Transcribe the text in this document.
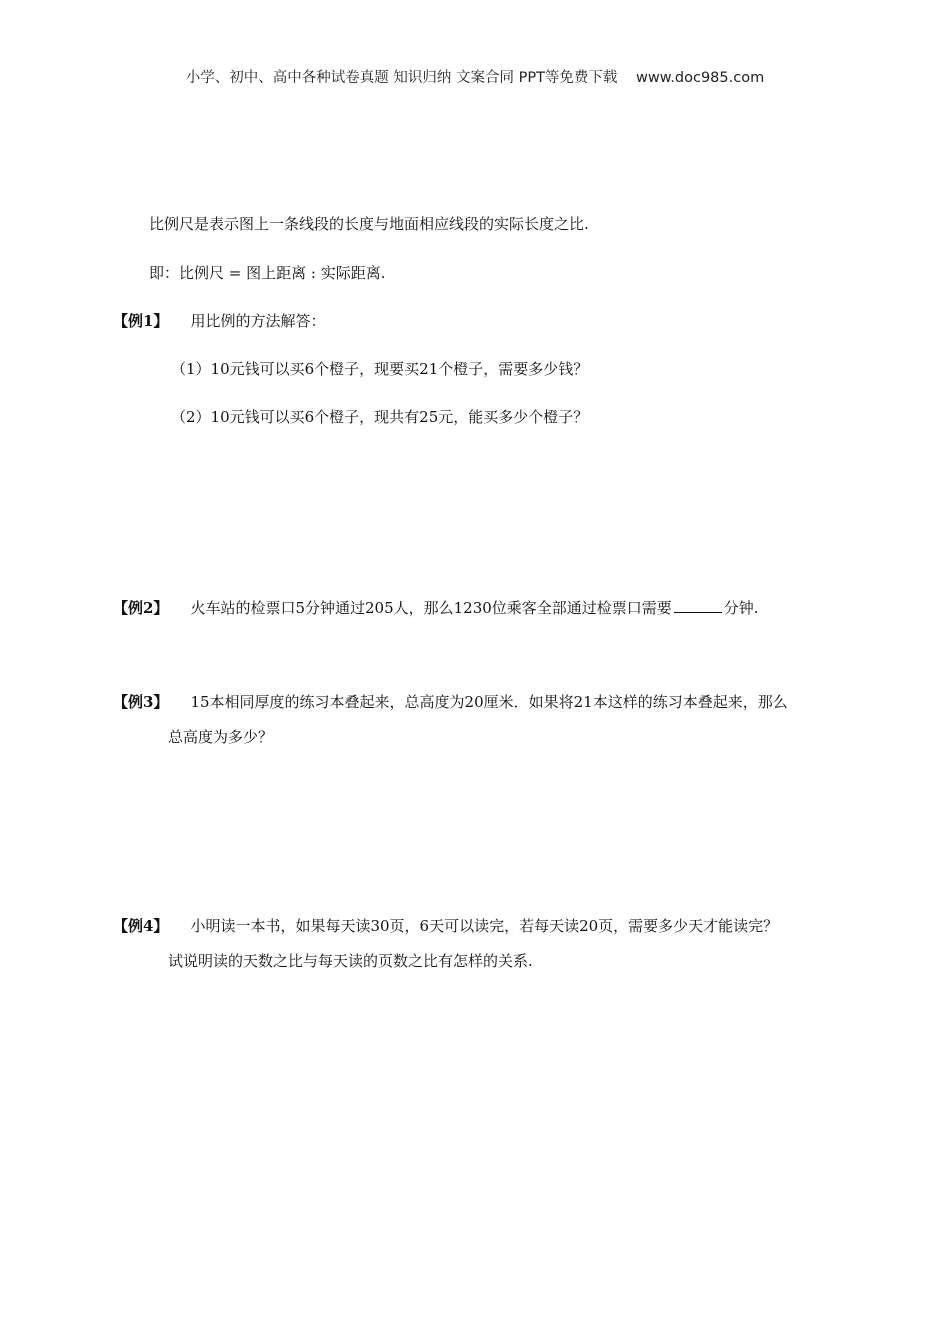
小学、初中、高中各种试卷真题 知识归纳 文案合同 PPT等免费下载 www.doc985.com
比例尺是表示图上一条线段的长度与地面相应线段的实际长度之比.
即：比例尺 = 图上距离 : 实际距离.
【例1】 用比例的方法解答：
（1）10元钱可以买6个橙子，现要买21个橙子，需要多少钱？
（2）10元钱可以买6个橙子，现共有25元，能买多少个橙子？
【例2】 火车站的检票口5分钟通过205人，那么1230位乘客全部通过检票口需要	分钟.
【例3】 15本相同厚度的练习本叠起来，总高度为20厘米．如果将21本这样的练习本叠起来，那么
总高度为多少？
【例4】 小明读一本书，如果每天读30页，6天可以读完，若每天读20页，需要多少天才能读完？
试说明读的天数之比与每天读的页数之比有怎样的关系.
